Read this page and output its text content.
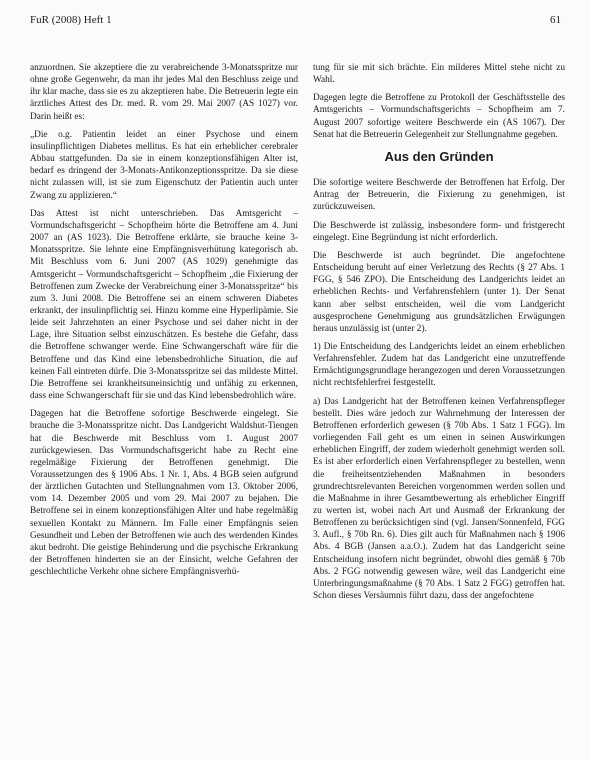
FuR (2008) Heft 1	61

anzuordnen. Sie akzeptiere die zu verabreichende 3-Monatsspritze nur ohne große Gegenwehr, da man ihr jedes Mal den Beschluss zeige und ihr klar mache, dass sie es zu akzeptieren habe. Die Betreuerin legte ein ärztliches Attest des Dr. med. R. vom 29. Mai 2007 (AS 1027) vor. Darin heißt es:

„Die o.g. Patientin leidet an einer Psychose und einem insulinpflichtigen Diabetes mellitus. Es hat ein erheblicher cerebraler Abbau stattgefunden. Da sie in einem konzeptionsfähigen Alter ist, bedarf es dringend der 3-Monats-Antikonzeptionsspritze. Da sie diese nicht zulassen will, ist sie zum Eigenschutz der Patientin auch unter Zwang zu applizieren.“

Das Attest ist nicht unterschrieben. Das Amtsgericht – Vormundschaftsgericht – Schopfheim hörte die Betroffene am 4. Juni 2007 an (AS 1023). Die Betroffene erklärte, sie brauche keine 3-Monatsspritze. Sie lehnte eine Empfängnisverhütung kategorisch ab. Mit Beschluss vom 6. Juni 2007 (AS 1029) genehmigte das Amtsgericht – Vormundschaftsgericht – Schopfheim „die Fixierung der Betroffenen zum Zwecke der Verabreichung einer 3-Monatsspritze“ bis zum 3. Juni 2008. Die Betroffene sei an einem schweren Diabetes erkrankt, der insulinpflichtig sei. Hinzu komme eine Hyperlipämie. Sie leide seit Jahrzehnten an einer Psychose und sei daher nicht in der Lage, ihre Situation selbst einzuschätzen. Es bestehe die Gefahr, dass die Betroffene schwanger werde. Eine Schwangerschaft wäre für die Betroffene und das Kind eine lebensbedrohliche Situation, die auf keinen Fall eintreten dürfe. Die 3-Monatsspritze sei das mildeste Mittel. Die Betroffene sei krankheitsuneinsichtig und unfähig zu erkennen, dass eine Schwangerschaft für sie und das Kind lebensbedrohlich wäre.

Dagegen hat die Betroffene sofortige Beschwerde eingelegt. Sie brauche die 3-Monatsspritze nicht. Das Landgericht Waldshut-Tiengen hat die Beschwerde mit Beschluss vom 1. August 2007 zurückgewiesen. Das Vormundschaftsgericht habe zu Recht eine regelmäßige Fixierung der Betroffenen genehmigt. Die Voraussetzungen des § 1906 Abs. 1 Nr. 1, Abs. 4 BGB seien aufgrund der ärztlichen Gutachten und Stellungnahmen vom 13. Oktober 2006, vom 14. Dezember 2005 und vom 29. Mai 2007 zu bejahen. Die Betroffene sei in einem konzeptionsfähigen Alter und habe regelmäßig sexuellen Kontakt zu Männern. Im Falle einer Empfängnis seien Gesundheit und Leben der Betroffenen wie auch des werdenden Kindes akut bedroht. Die geistige Behinderung und die psychische Erkrankung der Betroffenen hinderten sie an der Einsicht, welche Gefahren der geschlechtliche Verkehr ohne sichere Empfängnisverhü-

tung für sie mit sich brächte. Ein milderes Mittel stehe nicht zu Wahl.

Dagegen legte die Betroffene zu Protokoll der Geschäftsstelle des Amtsgerichts – Vormundschaftsgerichts – Schopfheim am 7. August 2007 sofortige weitere Beschwerde ein (AS 1067). Der Senat hat die Betreuerin Gelegenheit zur Stellungnahme gegeben.

Aus den Gründen

Die sofortige weitere Beschwerde der Betroffenen hat Erfolg. Der Antrag der Betreuerin, die Fixierung zu genehmigen, ist zurückzuweisen.

Die Beschwerde ist zulässig, insbesondere form- und fristgerecht eingelegt. Eine Begründung ist nicht erforderlich.

Die Beschwerde ist auch begründet. Die angefochtene Entscheidung beruht auf einer Verletzung des Rechts (§ 27 Abs. 1 FGG, § 546 ZPO). Die Entscheidung des Landgerichts leidet an erheblichen Rechts- und Verfahrensfehlern (unter 1). Der Senat kann aber selbst entscheiden, weil die vom Landgericht ausgesprochene Genehmigung aus grundsätzlichen Erwägungen heraus unzulässig ist (unter 2).

1) Die Entscheidung des Landgerichts leidet an einem erheblichen Verfahrensfehler. Zudem hat das Landgericht eine unzutreffende Ermächtigungsgrundlage herangezogen und deren Voraussetzungen nicht rechtsfehlerfrei festgestellt.

a) Das Landgericht hat der Betroffenen keinen Verfahrenspfleger bestellt. Dies wäre jedoch zur Wahrnehmung der Interessen der Betroffenen erforderlich gewesen (§ 70b Abs. 1 Satz 1 FGG). Im vorliegenden Fall geht es um einen in seinen Auswirkungen erheblichen Eingriff, der zudem wiederholt genehmigt werden soll. Es ist aber erforderlich einen Verfahrenspfleger zu bestellen, wenn die freiheitsentziehenden Maßnahmen in besonders grundrechtsrelevanten Bereichen vorgenommen werden sollen und die Maßnahme in ihrer Gesamtbewertung als erheblicher Eingriff zu werten ist, wobei nach Art und Ausmaß der Erkrankung der Betroffenen zu berücksichtigen sind (vgl. Jansen/Sonnenfeld, FGG 3. Aufl., § 70b Rn. 6). Dies gilt auch für Maßnahmen nach § 1906 Abs. 4 BGB (Jansen a.a.O.). Zudem hat das Landgericht seine Entscheidung insofern nicht begründet, obwohl dies gemäß § 70b Abs. 2 FGG notwendig gewesen wäre, weil das Landgericht eine Unterbringungsmaßnahme (§ 70 Abs. 1 Satz 2 FGG) getroffen hat. Schon dieses Versäumnis führt dazu, dass der angefochtene
